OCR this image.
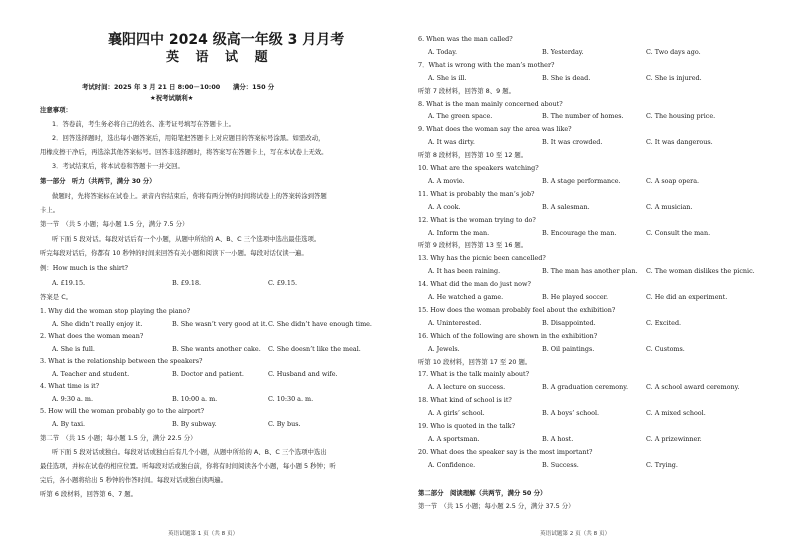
襄阳四中 2024 级高一年级 3 月月考
英 语 试 题
考试时间：2025 年 3 月 21 日 8:00－10:00　　满分：150 分
★祝考试顺利★
注意事项：
1．答卷前，考生务必将自己的姓名、准考证号填写在答题卡上。
2．回答选择题时，选出每小题答案后，用铅笔把答题卡上对应题目的答案标号涂黑。如需改动，
用橡皮擦干净后，再选涂其他答案标号。回答非选择题时，将答案写在答题卡上，写在本试卷上无效。
3．考试结束后，将本试卷和答题卡一并交回。
第一部分　听力（共两节，满分 30 分）
做题时，先将答案标在试卷上。录音内容结束后，你将有两分钟的时间将试卷上的答案转涂到答题
卡上。
第一节　（共 5 小题；每小题 1.5 分，满分 7.5 分）
听下面 5 段对话。每段对话后有一个小题，从题中所给的 A、B、C 三个选项中选出最佳选项。
听完每段对话后，你都有 10 秒钟的时间来回答有关小题和阅读下一小题。每段对话仅读一遍。
例：How much is the shirt?
A. £19.15.	B. £9.18.	C. £9.15.
答案是 C。
1. Why did the woman stop playing the piano?
A. She didn’t really enjoy it.	B. She wasn’t very good at it. C. She didn’t have enough time.
2. What does the woman mean?
A. She is full.	B. She wants another cake. C. She doesn’t like the meal.
3. What is the relationship between the speakers?
A. Teacher and student.	B. Doctor and patient.	C. Husband and wife.
4. What time is it?
A. 9:30 a. m.	B. 10:00 a. m.	C. 10:30 a. m.
5. How will the woman probably go to the airport?
A. By taxi.	B. By subway.	C. By bus.
第二节　（共 15 小题；每小题 1.5 分，满分 22.5 分）
听下面 5 段对话或独白。每段对话或独白后有几个小题，从题中所给的 A、B、C 三个选项中选出
最佳选项，并标在试卷的相应位置。听每段对话或独白前，你将有时间阅读各个小题，每小题 5 秒钟；听
完后，各小题将给出 5 秒钟的作答时间。每段对话或独白读两遍。
听第 6 段材料，回答第 6、7 题。
英语试题第 1 页（共 8 页）
6. When was the man called?
A. Today.	B. Yesterday.	C. Two days ago.
7．What is wrong with the man’s mother?
A. She is ill.	B. She is dead.	C. She is injured.
听第 7 段材料，回答第 8、9 题。
8. What is the man mainly concerned about?
A. The green space.	B. The number of homes.	C. The housing price.
9. What does the woman say the area was like?
A. It was dirty.	B. It was crowded.	C. It was dangerous.
听第 8 段材料，回答第 10 至 12 题。
10. What are the speakers watching?
A. A movie.	B. A stage performance.	C. A soap opera.
11. What is probably the man’s job?
A. A cook.	B. A salesman.	C. A musician.
12. What is the woman trying to do?
A. Inform the man.	B. Encourage the man.	C. Consult the man.
听第 9 段材料，回答第 13 至 16 题。
13. Why has the picnic been cancelled?
A. It has been raining.	B. The man has another plan. C. The woman dislikes the picnic.
14. What did the man do just now?
A. He watched a game.	B. He played soccer.	C. He did an experiment.
15. How does the woman probably feel about the exhibition?
A. Uninterested.	B. Disappointed.	C. Excited.
16. Which of the following are shown in the exhibition?
A. Jewels.	B. Oil paintings.	C. Customs.
听第 10 段材料，回答第 17 至 20 题。
17. What is the talk mainly about?
A. A lecture on success.	B. A graduation ceremony.	C. A school award ceremony.
18. What kind of school is it?
A. A girls’ school.	B. A boys’ school.	C. A mixed school.
19. Who is quoted in the talk?
A. A sportsman.	B. A host.	C. A prizewinner.
20. What does the speaker say is the most important?
A. Confidence.	B. Success.	C. Trying.
第二部分　阅读理解（共两节，满分 50 分）
第一节　（共 15 小题；每小题 2.5 分，满分 37.5 分）
英语试题第 2 页（共 8 页）
